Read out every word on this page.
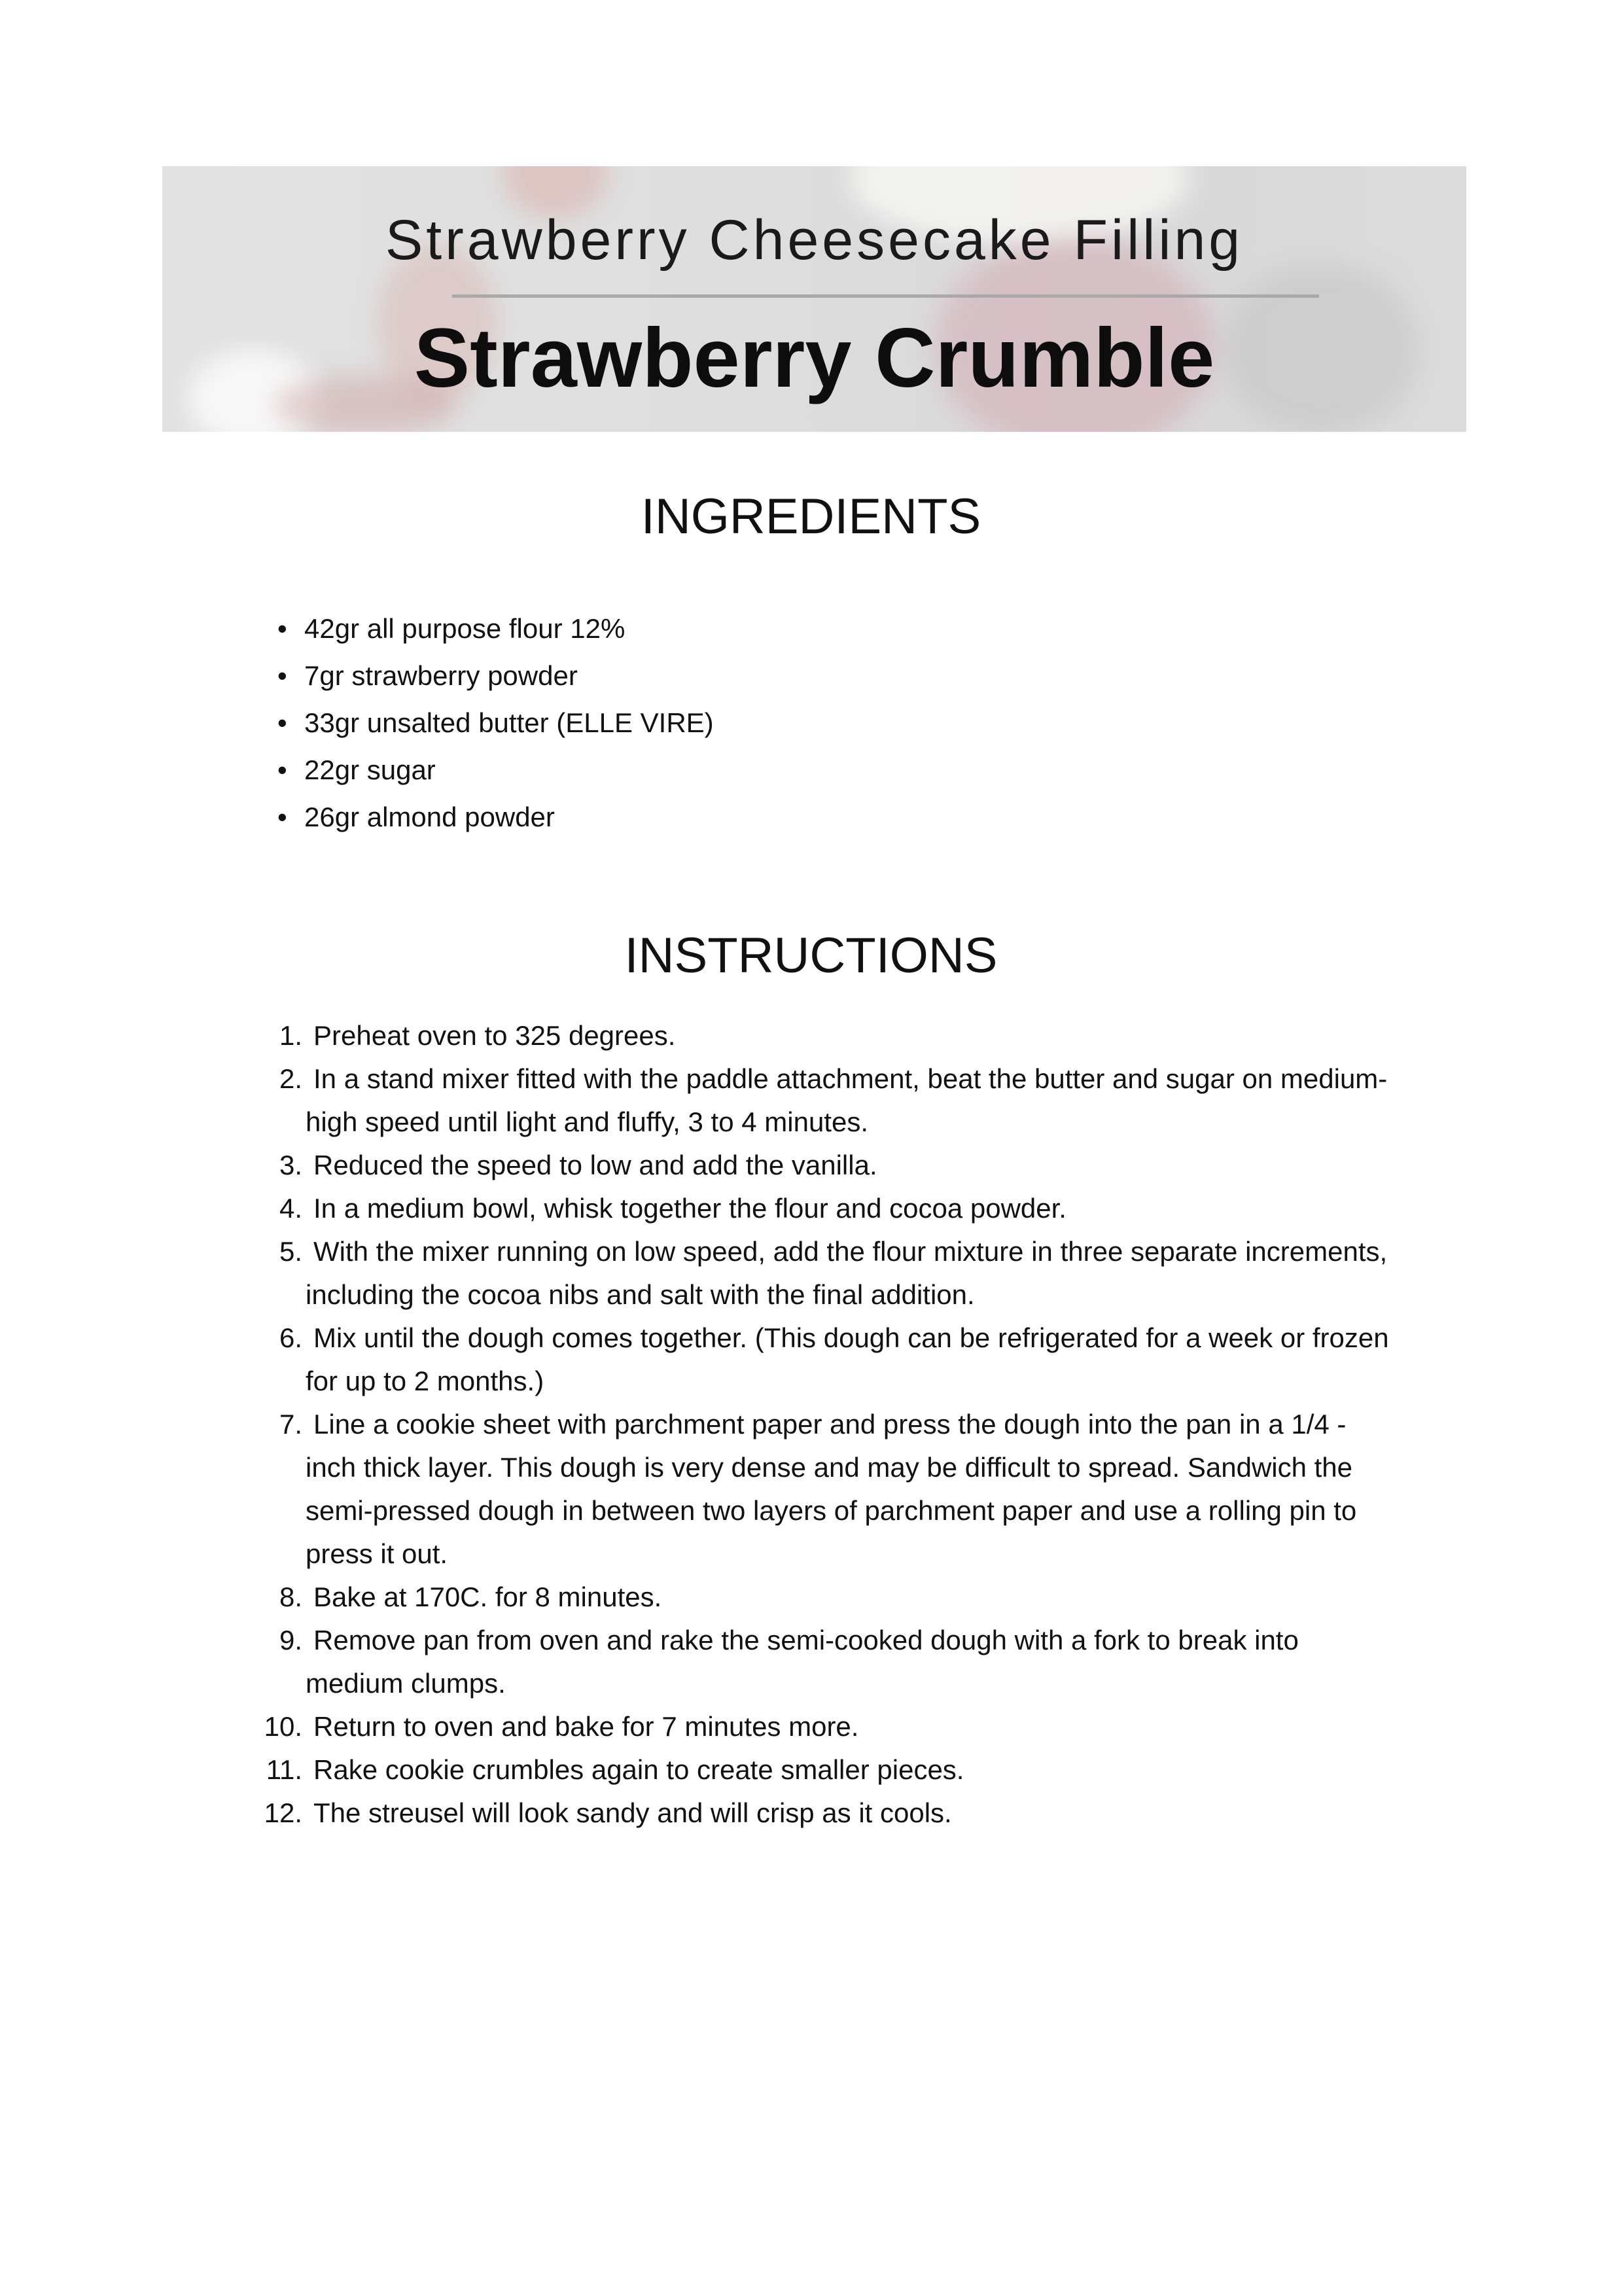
Strawberry Cheesecake Filling
Strawberry Crumble
INGREDIENTS
• 42gr all purpose flour 12%
• 7gr strawberry powder
• 33gr unsalted butter (ELLE VIRE)
• 22gr sugar
• 26gr almond powder
INSTRUCTIONS
1. Preheat oven to 325 degrees.
2. In a stand mixer fitted with the paddle attachment, beat the butter and sugar on medium-high speed until light and fluffy, 3 to 4 minutes.
3. Reduced the speed to low and add the vanilla.
4. In a medium bowl, whisk together the flour and cocoa powder.
5. With the mixer running on low speed, add the flour mixture in three separate increments, including the cocoa nibs and salt with the final addition.
6. Mix until the dough comes together. (This dough can be refrigerated for a week or frozen for up to 2 months.)
7. Line a cookie sheet with parchment paper and press the dough into the pan in a 1/4 -inch thick layer. This dough is very dense and may be difficult to spread. Sandwich the semi-pressed dough in between two layers of parchment paper and use a rolling pin to press it out.
8. Bake at 170C. for 8 minutes.
9. Remove pan from oven and rake the semi-cooked dough with a fork to break into medium clumps.
10. Return to oven and bake for 7 minutes more.
11. Rake cookie crumbles again to create smaller pieces.
12. The streusel will look sandy and will crisp as it cools.
